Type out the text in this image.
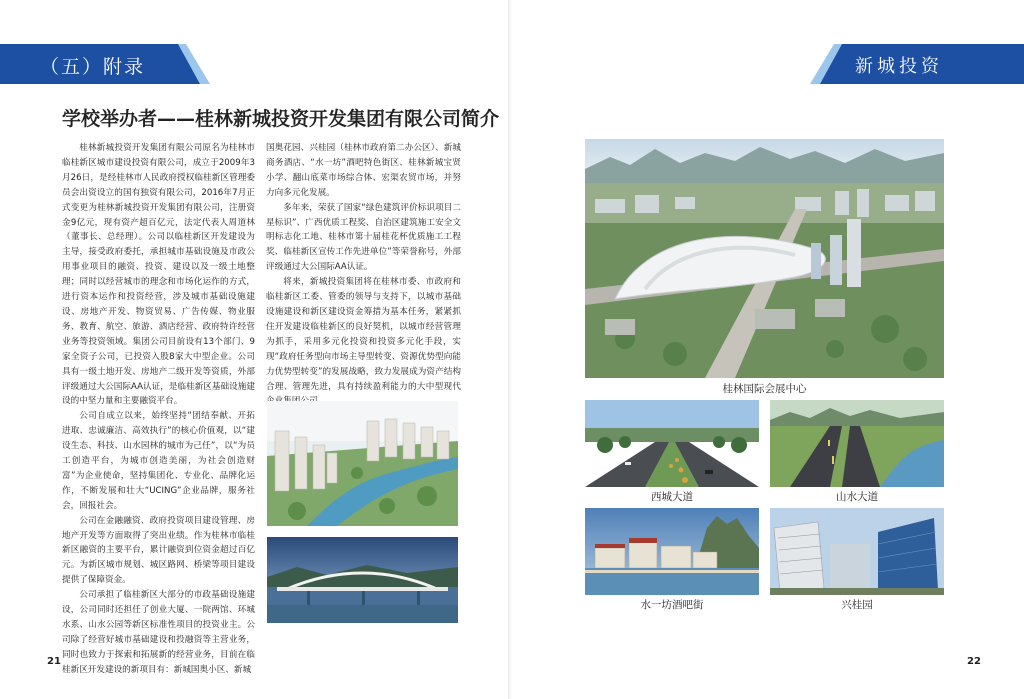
（五）附录
学校举办者——桂林新城投资开发集团有限公司简介

桂林新城投资开发集团有限公司原名为桂林市临桂新区城市建设投资有限公司，成立于2009年3月26日，是经桂林市人民政府授权临桂新区管理委员会出资设立的国有独资有限公司，2016年7月正式变更为桂林新城投资开发集团有限公司，注册资金9亿元，现有资产超百亿元，法定代表人周道林（董事长、总经理）。公司以临桂新区开发建设为主导，接受政府委托，承担城市基础设施及市政公用事业项目的融资、投资、建设以及一级土地整理；同时以经营城市的理念和市场化运作的方式，进行资本运作和投资经营，涉及城市基础设施建设、房地产开发、物资贸易、广告传媒、物业服务、教育、航空、旅游、酒店经营、政府特许经营业务等投资领域。集团公司目前设有13个部门、9家全资子公司，已投资入股8家大中型企业。公司具有一级土地开发、房地产二级开发等资质，外部评级通过大公国际AA认证，是临桂新区基础设施建设的中坚力量和主要融资平台。

公司自成立以来，始终坚持“团结奉献、开拓进取、忠诚廉洁、高效执行”的核心价值观，以“建设生态、科技、山水园林的城市为己任”，以“为员工创造平台，为城市创造美丽，为社会创造财富”为企业使命，坚持集团化、专业化、品牌化运作，不断发展和壮大“UCING”企业品牌，服务社会，回报社会。

公司在金融融资、政府投资项目建设管理、房地产开发等方面取得了突出业绩。作为桂林市临桂新区融资的主要平台，累计融资到位资金超过百亿元。为新区城市规划、城区路网、桥梁等项目建设提供了保障资金。

公司承担了临桂新区大部分的市政基础设施建设，公司同时还担任了创业大厦、一院两馆、环城水系、山水公园等新区标准性项目的投资业主。公司除了经营好城市基础建设和投融资等主营业务，同时也致力于探索和拓展新的经营业务，目前在临桂新区开发建设的新项目有：新城国奥小区、新城

国奥花园、兴桂园（桂林市政府第二办公区）、新城商务酒店、“水一坊”酒吧特色街区、桂林新城宝贤小学、翻山底菜市场综合体、宏渠农贸市场，并努力向多元化发展。

多年来，荣获了国家“绿色建筑评价标识项目二星标识”、广西优质工程奖、自治区建筑施工安全文明标志化工地、桂林市第十届桂花杯优质施工工程奖、临桂新区宣传工作先进单位”等荣誉称号，外部评级通过大公国际AA认证。

将来，新城投资集团将在桂林市委、市政府和临桂新区工委、管委的领导与支持下，以城市基础设施建设和新区建设资金筹措为基本任务，紧紧抓住开发建设临桂新区的良好契机，以城市经营管理为抓手，采用多元化投资和投资多元化手段，实现“政府任务型向市场主导型转变、资源优势型向能力优势型转变”的发展战略，致力发展成为资产结构合理、管理先进，具有持续盈利能力的大中型现代

21
新城投资
桂林国际会展中心
西城大道	山水大道
水一坊酒吧街	兴桂园
22
